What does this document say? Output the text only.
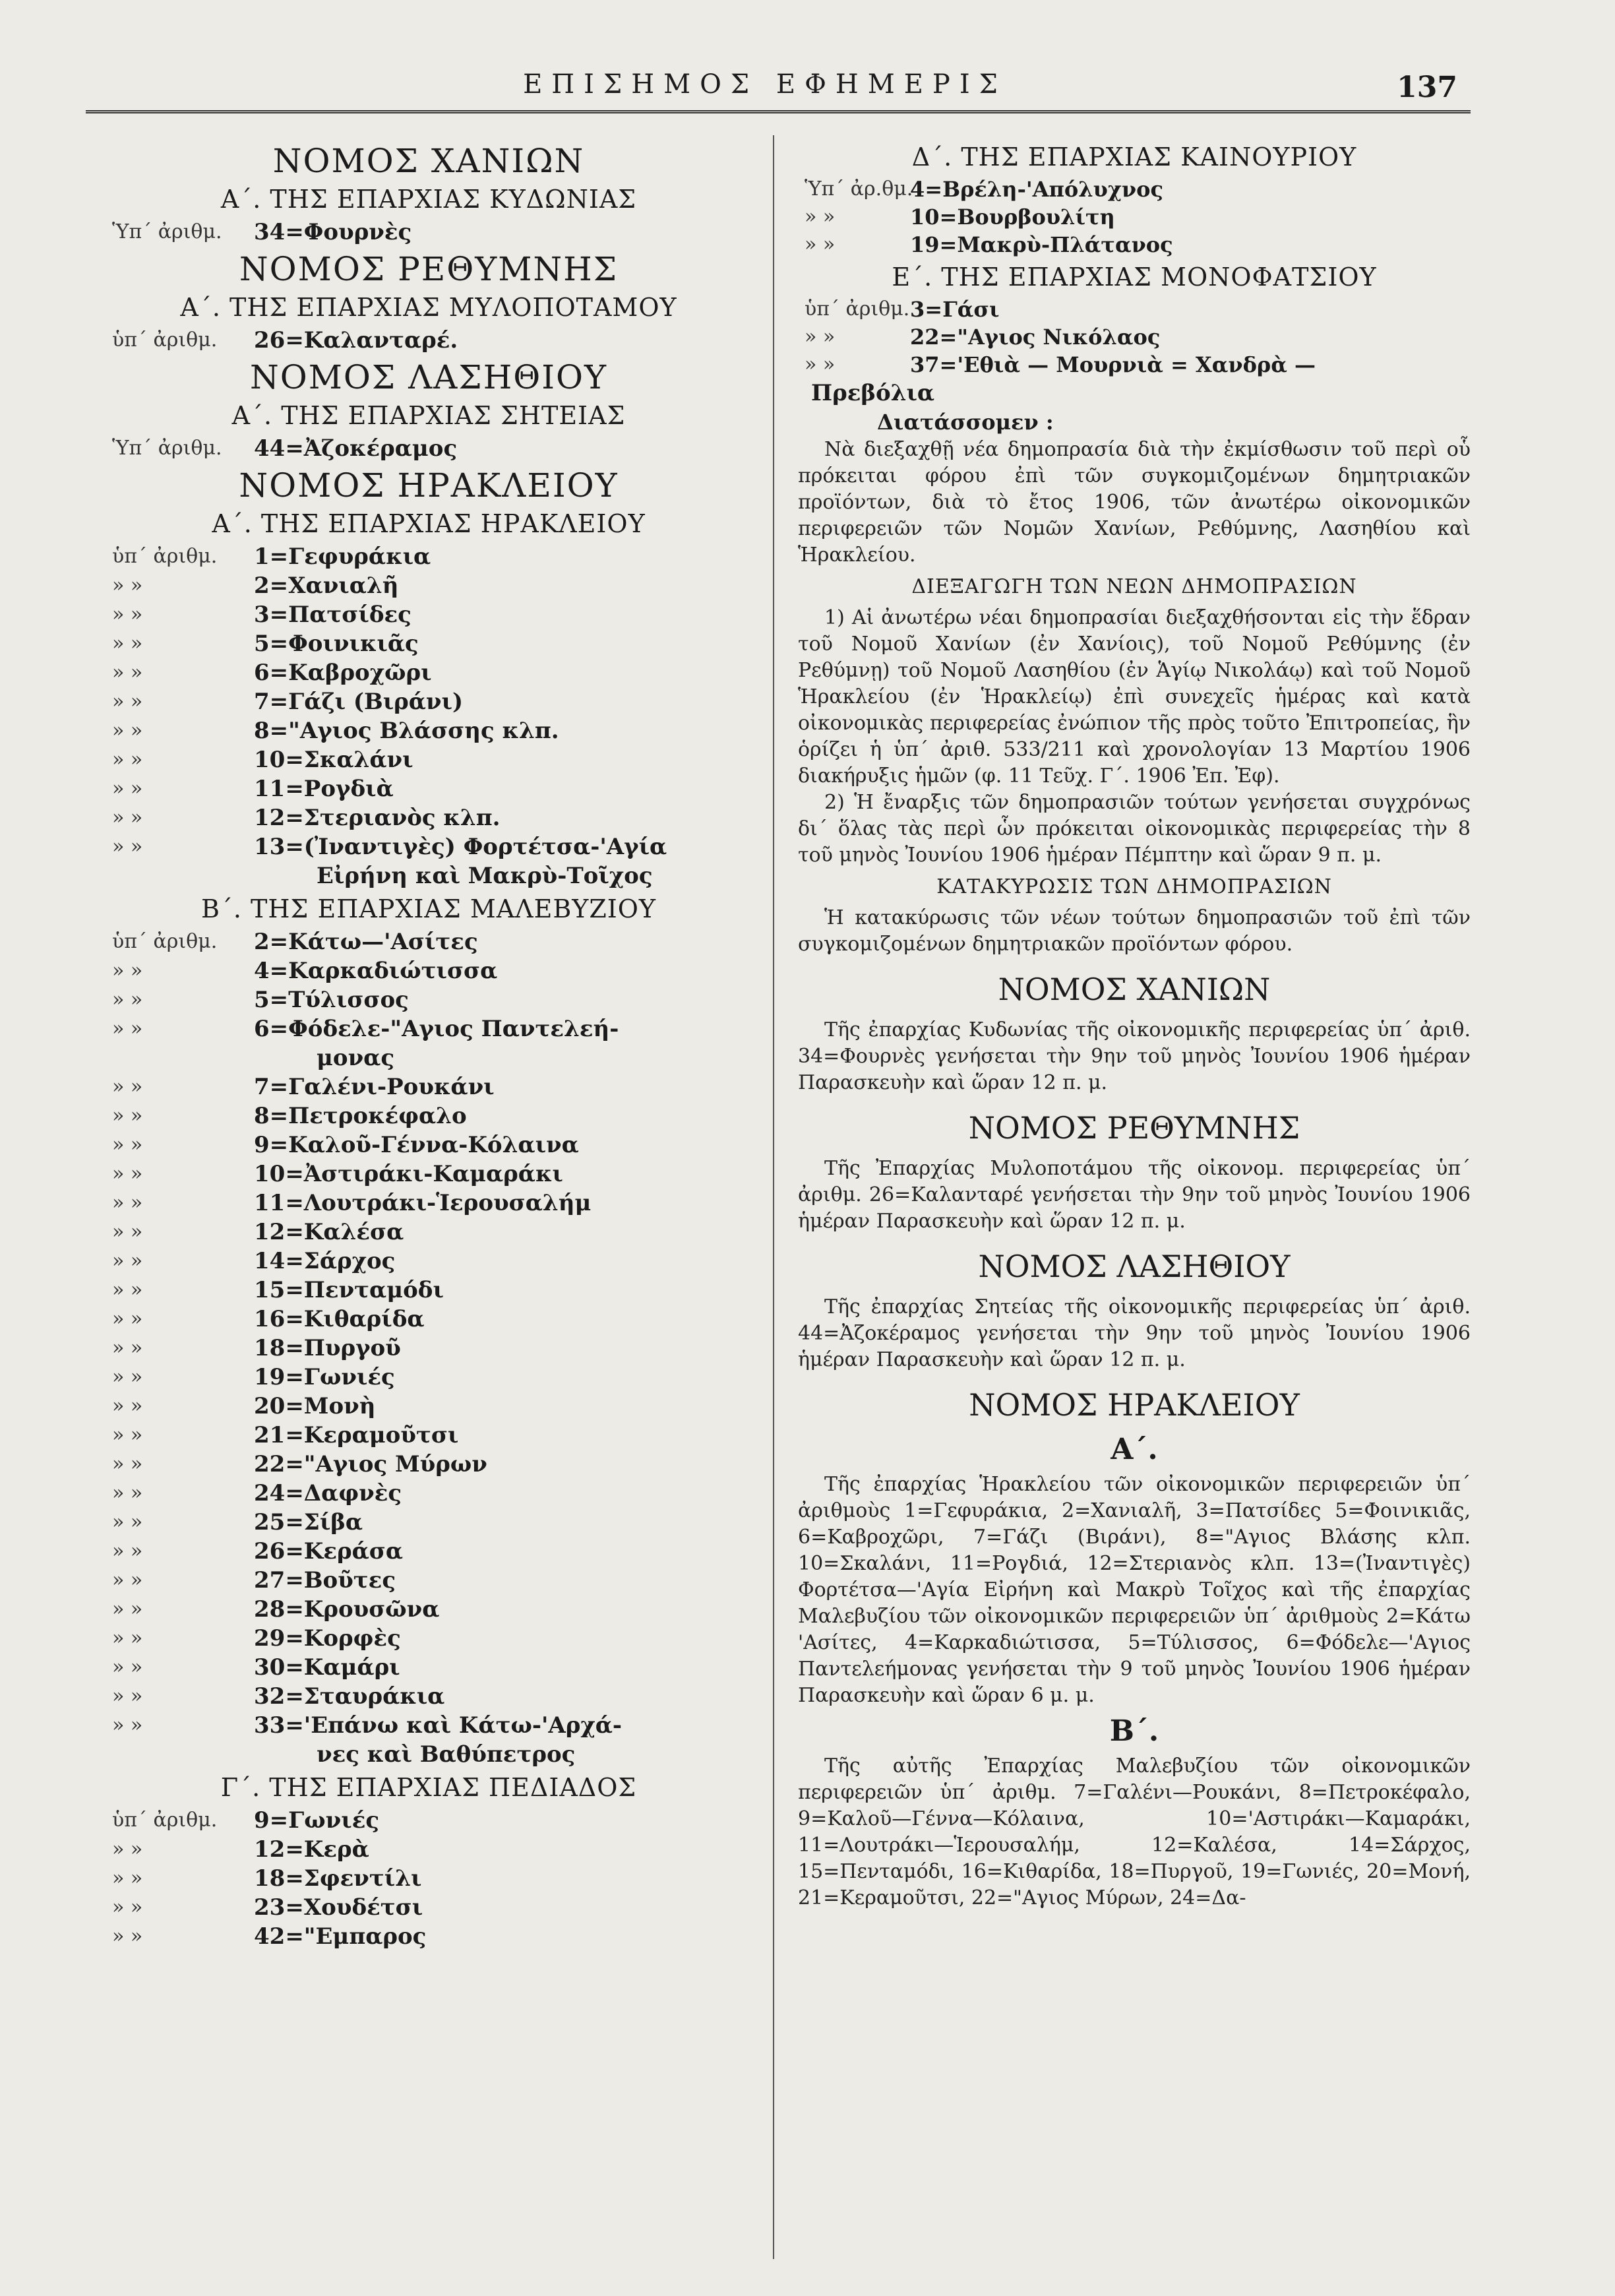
ΕΠΙΣΗΜΟΣ ΕΦΗΜΕΡΙΣ	137
ΝΟΜΟΣ ΧΑΝΙΩΝ
Α΄. ΤΗΣ ΕΠΑΡΧΙΑΣ ΚΥΔΩΝΙΑΣ
Ὑπ΄ ἀριθμ. 34=Φουρνὲς
ΝΟΜΟΣ ΡΕΘΥΜΝΗΣ
Α΄. ΤΗΣ ΕΠΑΡΧΙΑΣ ΜΥΛΟΠΟΤΑΜΟΥ
ὑπ΄ ἀριθμ. 26=Καλανταρέ.
ΝΟΜΟΣ ΛΑΣΗΘΙΟΥ
Α΄. ΤΗΣ ΕΠΑΡΧΙΑΣ ΣΗΤΕΙΑΣ
Ὑπ΄ ἀριθμ. 44=Ἀζοκέραμος
ΝΟΜΟΣ ΗΡΑΚΛΕΙΟΥ
Α΄. ΤΗΣ ΕΠΑΡΧΙΑΣ ΗΡΑΚΛΕΙΟΥ
ὑπ΄ ἀριθμ. 1=Γεφυράκια
» »	2=Χανιαλῆ
» »	3=Πατσίδες
» »	5=Φοινικιᾶς
» »	6=Καβροχῶρι
» »	7=Γάζι (Βιράνι)
» »	8="Αγιος Βλάσσης κλπ.
» »	10=Σκαλάνι
» »	11=Ρογδιὰ
» »	12=Στεριανὸς κλπ.
» »	13=(Ἰναντιγὲς) Φορτέτσα-'Αγία
Εἰρήνη καὶ Μακρὺ-Τοῖχος
Β΄. ΤΗΣ ΕΠΑΡΧΙΑΣ ΜΑΛΕΒΥΖΙΟΥ
ὑπ΄ ἀριθμ. 2=Κάτω—'Ασίτες
» »	4=Καρκαδιώτισσα
» »	5=Τύλισσος
» »	6=Φόδελε-"Αγιος Παντελεή-
μονας
» »	7=Γαλένι-Ρουκάνι
» »	8=Πετροκέφαλο
» »	9=Καλοῦ-Γέννα-Κόλαινα
» »	10=Ἀστιράκι-Καμαράκι
» »	11=Λουτράκι-Ἱερουσαλήμ
» »	12=Καλέσα
» »	14=Σάρχος
» »	15=Πενταμόδι
» »	16=Κιθαρίδα
» »	18=Πυργοῦ
» »	19=Γωνιές
» »	20=Μονὴ
» »	21=Κεραμοῦτσι
» »	22="Αγιος Μύρων
» »	24=Δαφνὲς
» »	25=Σίβα
» »	26=Κεράσα
» »	27=Βοῦτες
» »	28=Κρουσῶνα
» »	29=Κορφὲς
» »	30=Καμάρι
» »	32=Σταυράκια
» »	33='Επάνω καὶ Κάτω-'Αρχά-
νες καὶ Βαθύπετρος
Γ΄. ΤΗΣ ΕΠΑΡΧΙΑΣ ΠΕΔΙΑΔΟΣ
ὑπ΄ ἀριθμ. 9=Γωνιές
» »	12=Κερὰ
» »	18=Σφεντίλι
» »	23=Χουδέτσι
» »	42="Εμπαρος
Δ΄. ΤΗΣ ΕΠΑΡΧΙΑΣ ΚΑΙΝΟΥΡΙΟΥ
Ὑπ΄ ἀρ.θμ.
4=Βρέλη-'Απόλυχνος
» »	10=Βουρβουλίτη
» »	19=Μακρὺ-Πλάτανος
Ε΄. ΤΗΣ ΕΠΑΡΧΙΑΣ ΜΟΝΟΦΑΤΣΙΟΥ
ὑπ΄ ἀριθμ. 3=Γάσι
» »	22="Αγιος Νικόλαος
» »	37='Εθιὰ — Μουρνιὰ = Χανδρὰ —
Πρεβόλια
Διατάσσομεν :
Νὰ διεξαχθῇ νέα δημοπρασία διὰ τὴν ἐκμίσθωσιν τοῦ περὶ οὗ πρόκειται φόρου ἐπὶ τῶν συγκομιζομένων δημητριακῶν προϊόντων, διὰ τὸ ἔτος 1906, τῶν ἀνωτέρω οἰκονομικῶν περιφερειῶν τῶν Νομῶν Χανίων, Ρεθύμνης, Λασηθίου καὶ Ἡρακλείου.
ΔΙΕΞΑΓΩΓΗ ΤΩΝ ΝΕΩΝ ΔΗΜΟΠΡΑΣΙΩΝ
1) Αἱ ἀνωτέρω νέαι δημοπρασίαι διεξαχθήσονται εἰς τὴν ἕδραν τοῦ Νομοῦ Χανίων (ἐν Χανίοις), τοῦ Νομοῦ Ρεθύμνης (ἐν Ρεθύμνῃ) τοῦ Νομοῦ Λασηθίου (ἐν Ἁγίῳ Νικολάῳ) καὶ τοῦ Νομοῦ Ἡρακλείου (ἐν Ἡρακλείῳ) ἐπὶ συνεχεῖς ἡμέρας καὶ κατὰ οἰκονομικὰς περιφερείας ἐνώπιον τῆς πρὸς τοῦτο Ἐπιτροπείας, ἣν ὁρίζει ἡ ὑπ΄ ἀριθ. 533/211 καὶ χρονολογίαν 13 Μαρτίου 1906 διακήρυξις ἡμῶν (φ. 11 Τεῦχ. Γ΄. 1906 Ἐπ. Ἐφ).
2) Ἡ ἔναρξις τῶν δημοπρασιῶν τούτων γενήσεται συγχρόνως δι΄ ὅλας τὰς περὶ ὧν πρόκειται οἰκονομικὰς περιφερείας τὴν 8 τοῦ μηνὸς Ἰουνίου 1906 ἡμέραν Πέμπτην καὶ ὥραν 9 π. μ.
ΚΑΤΑΚΥΡΩΣΙΣ ΤΩΝ ΔΗΜΟΠΡΑΣΙΩΝ
Ἡ κατακύρωσις τῶν νέων τούτων δημοπρασιῶν τοῦ ἐπὶ τῶν συγκομιζομένων δημητριακῶν προϊόντων φόρου.
ΝΟΜΟΣ ΧΑΝΙΩΝ
Τῆς ἐπαρχίας Κυδωνίας τῆς οἰκονομικῆς περιφερείας ὑπ΄ ἀριθ. 34=Φουρνὲς γενήσεται τὴν 9ην τοῦ μηνὸς Ἰουνίου 1906 ἡμέραν Παρασκευὴν καὶ ὥραν 12 π. μ.
ΝΟΜΟΣ ΡΕΘΥΜΝΗΣ
Τῆς Ἐπαρχίας Μυλοποτάμου τῆς οἰκονομ. περιφερείας ὑπ΄ ἀριθμ. 26=Καλανταρέ γενήσεται τὴν 9ην τοῦ μηνὸς Ἰουνίου 1906 ἡμέραν Παρασκευὴν καὶ ὥραν 12 π. μ.
ΝΟΜΟΣ ΛΑΣΗΘΙΟΥ
Τῆς ἐπαρχίας Σητείας τῆς οἰκονομικῆς περιφερείας ὑπ΄ ἀριθ. 44=Ἀζοκέραμος γενήσεται τὴν 9ην τοῦ μηνὸς Ἰουνίου 1906 ἡμέραν Παρασκευὴν καὶ ὥραν 12 π. μ.
ΝΟΜΟΣ ΗΡΑΚΛΕΙΟΥ
Α΄.
Τῆς ἐπαρχίας Ἡρακλείου τῶν οἰκονομικῶν περιφερειῶν ὑπ΄ ἀριθμοὺς 1=Γεφυράκια, 2=Χανιαλῆ, 3=Πατσίδες 5=Φοινικιᾶς, 6=Καβροχῶρι, 7=Γάζι (Βιράνι), 8="Αγιος Βλάσης κλπ. 10=Σκαλάνι, 11=Ρογδιά, 12=Στεριανὸς κλπ. 13=(Ἰναντιγὲς) Φορτέτσα—'Αγία Εἰρήνη καὶ Μακρὺ Τοῖχος καὶ τῆς ἐπαρχίας Μαλεβυζίου τῶν οἰκονομικῶν περιφερειῶν ὑπ΄ ἀριθμοὺς 2=Κάτω 'Ασίτες, 4=Καρκαδιώτισσα, 5=Τύλισσος, 6=Φόδελε—'Αγιος Παντελεήμονας γενήσεται τὴν 9 τοῦ μηνὸς Ἰουνίου 1906 ἡμέραν Παρασκευὴν καὶ ὥραν 6 μ. μ.
Β΄.
Τῆς αὐτῆς Ἐπαρχίας Μαλεβυζίου τῶν οἰκονομικῶν περιφερειῶν ὑπ΄ ἀριθμ. 7=Γαλένι—Ρουκάνι, 8=Πετροκέφαλο, 9=Καλοῦ—Γέννα—Κόλαινα, 10='Αστιράκι—Καμαράκι, 11=Λουτράκι—Ἱερουσαλήμ, 12=Καλέσα, 14=Σάρχος, 15=Πενταμόδι, 16=Κιθαρίδα, 18=Πυργοῦ, 19=Γωνιές, 20=Μονή, 21=Κεραμοῦτσι, 22="Αγιος Μύρων, 24=Δα-
